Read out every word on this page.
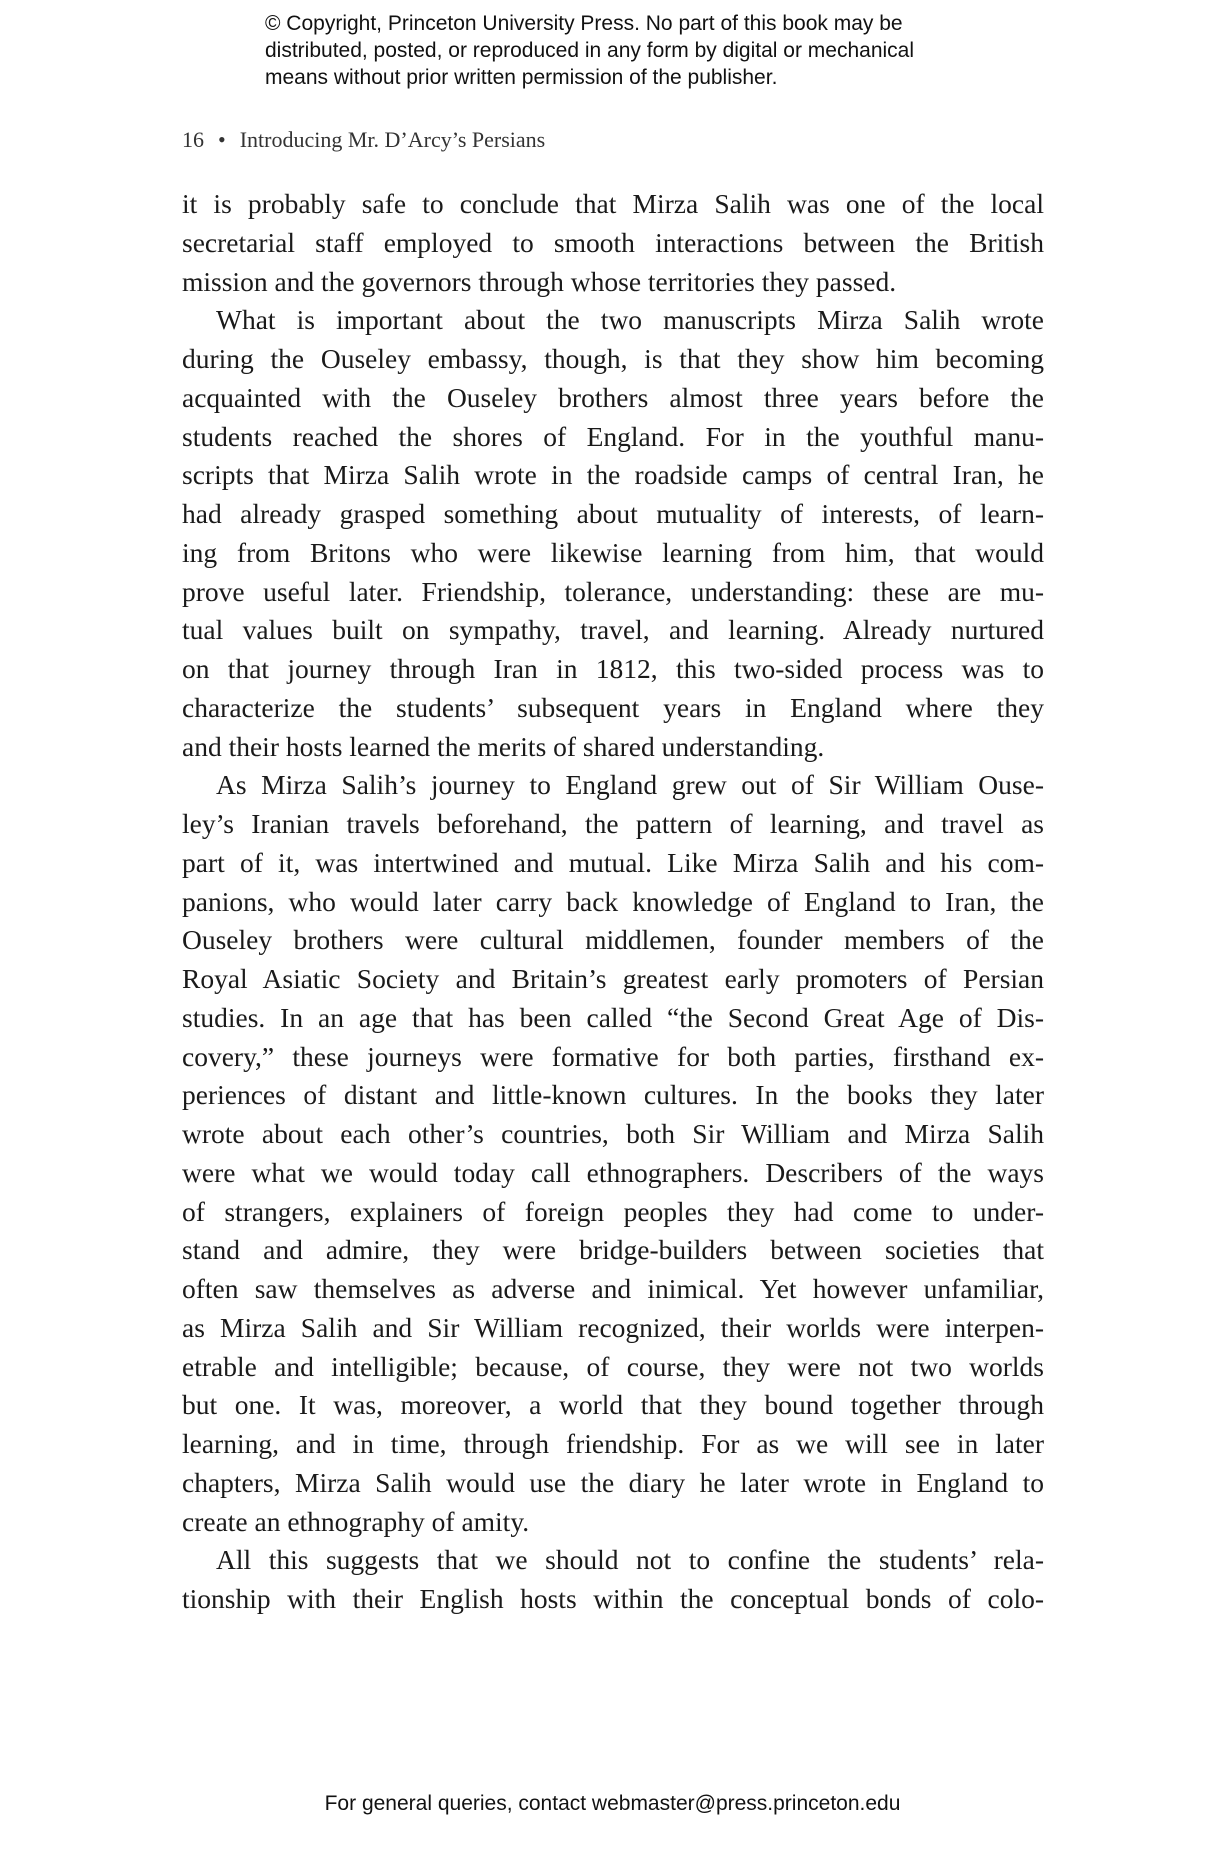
© Copyright, Princeton University Press. No part of this book may be
distributed, posted, or reproduced in any form by digital or mechanical
means without prior written permission of the publisher.
16 • Introducing Mr. D’Arcy’s Persians
it is probably safe to conclude that Mirza Salih was one of the local
secretarial staff employed to smooth interactions between the British
mission and the governors through whose territories they passed.
What is important about the two manuscripts Mirza Salih wrote
during the Ouseley embassy, though, is that they show him becoming
acquainted with the Ouseley brothers almost three years before the
students reached the shores of England. For in the youthful manu-
scripts that Mirza Salih wrote in the roadside camps of central Iran, he
had already grasped something about mutuality of interests, of learn-
ing from Britons who were likewise learning from him, that would
prove useful later. Friendship, tolerance, understanding: these are mu-
tual values built on sympathy, travel, and learning. Already nurtured
on that journey through Iran in 1812, this two-sided process was to
characterize the students’ subsequent years in England where they
and their hosts learned the merits of shared understanding.
As Mirza Salih’s journey to England grew out of Sir William Ouse-
ley’s Iranian travels beforehand, the pattern of learning, and travel as
part of it, was intertwined and mutual. Like Mirza Salih and his com-
panions, who would later carry back knowledge of England to Iran, the
Ouseley brothers were cultural middlemen, founder members of the
Royal Asiatic Society and Britain’s greatest early promoters of Persian
studies. In an age that has been called “the Second Great Age of Dis-
covery,” these journeys were formative for both parties, firsthand ex-
periences of distant and little-known cultures. In the books they later
wrote about each other’s countries, both Sir William and Mirza Salih
were what we would today call ethnographers. Describers of the ways
of strangers, explainers of foreign peoples they had come to under-
stand and admire, they were bridge-builders between societies that
often saw themselves as adverse and inimical. Yet however unfamiliar,
as Mirza Salih and Sir William recognized, their worlds were interpen-
etrable and intelligible; because, of course, they were not two worlds
but one. It was, moreover, a world that they bound together through
learning, and in time, through friendship. For as we will see in later
chapters, Mirza Salih would use the diary he later wrote in England to
create an ethnography of amity.
All this suggests that we should not to confine the students’ rela-
tionship with their English hosts within the conceptual bonds of colo-
For general queries, contact webmaster@press.princeton.edu
